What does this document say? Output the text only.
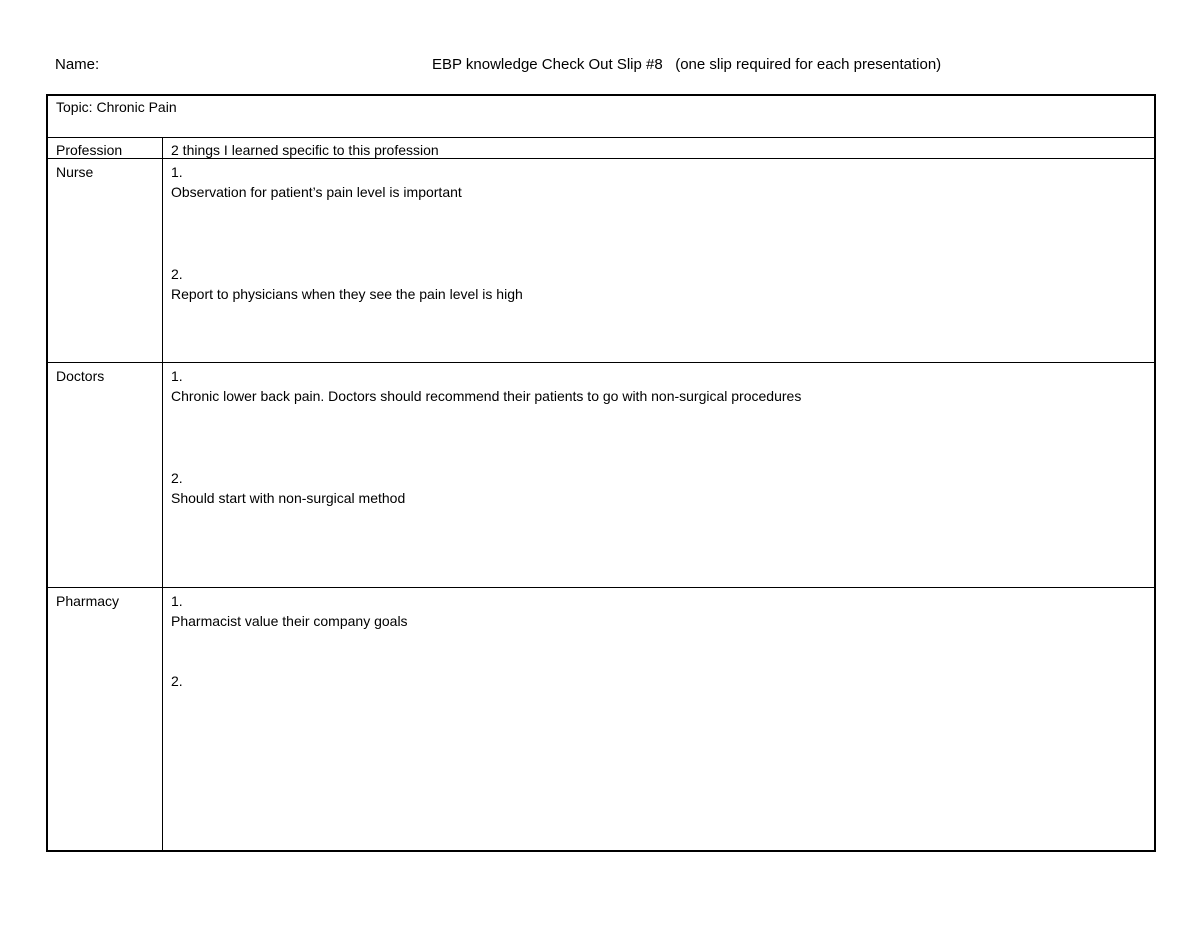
Name:	EBP knowledge Check Out Slip #8   (one slip required for each presentation)
Topic: Chronic Pain
Profession	2 things I learned specific to this profession
Nurse	1.
Observation for patient’s pain level is important
2.
Report to physicians when they see the pain level is high
Doctors	1.
Chronic lower back pain. Doctors should recommend their patients to go with non-surgical procedures
2.
Should start with non-surgical method
Pharmacy	1.
Pharmacist value their company goals
2.
